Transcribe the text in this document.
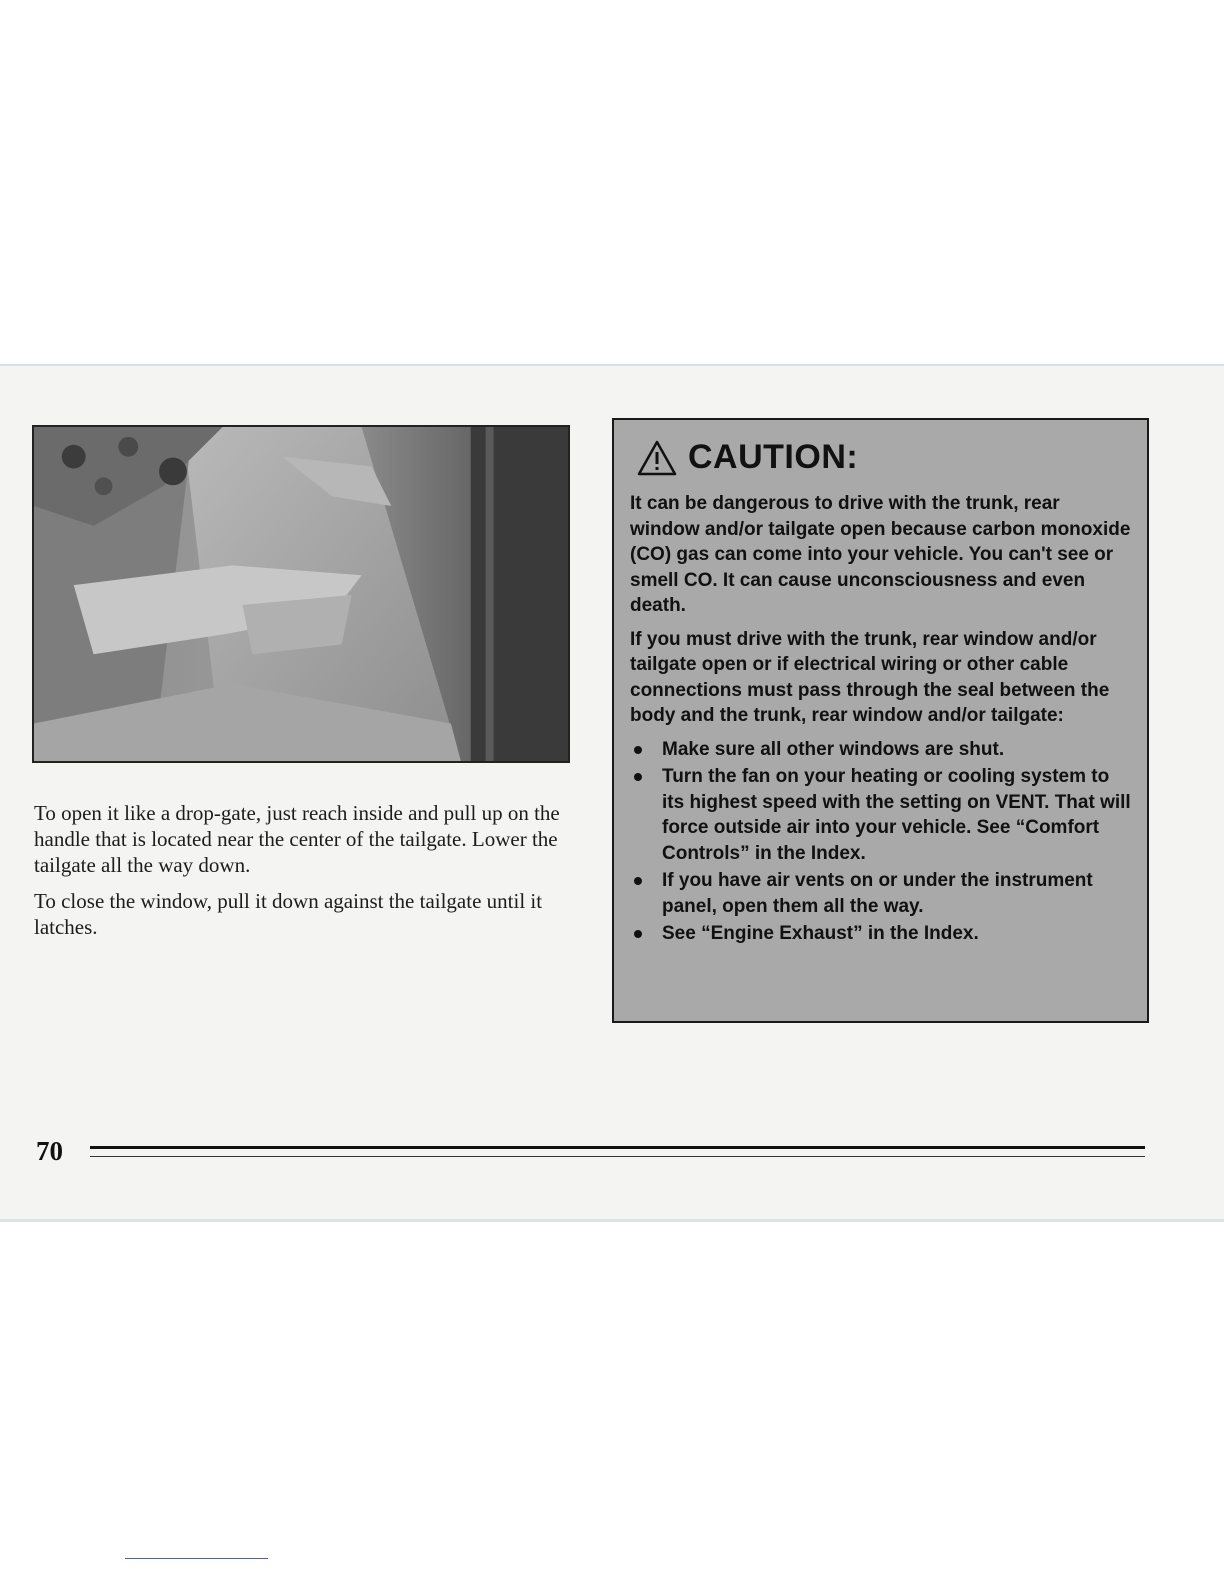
To open it like a drop-gate, just reach inside and pull up on the handle that is located near the center of the tailgate. Lower the tailgate all the way down.

To close the window, pull it down against the tailgate until it latches.

CAUTION:

It can be dangerous to drive with the trunk, rear window and/or tailgate open because carbon monoxide (CO) gas can come into your vehicle. You can't see or smell CO. It can cause unconsciousness and even death.

If you must drive with the trunk, rear window and/or tailgate open or if electrical wiring or other cable connections must pass through the seal between the body and the trunk, rear window and/or tailgate:

Make sure all other windows are shut.
Turn the fan on your heating or cooling system to its highest speed with the setting on VENT. That will force outside air into your vehicle. See “Comfort Controls” in the Index.
If you have air vents on or under the instrument panel, open them all the way.
See “Engine Exhaust” in the Index.
70
